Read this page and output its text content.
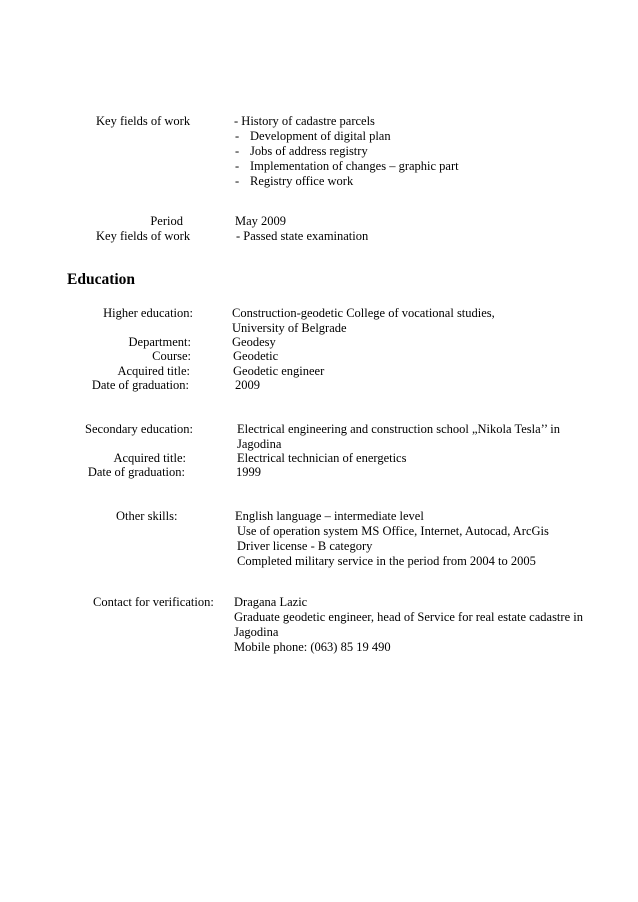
Key fields of work	- History of cadastre parcels
- Development of digital plan
- Jobs of address registry
- Implementation of changes – graphic part
- Registry office work
Period	May 2009
Key fields of work	- Passed state examination
Education
Higher education:	Construction-geodetic College of vocational studies,
University of Belgrade
Department:	Geodesy
Course:	Geodetic
Acquired title:	Geodetic engineer
Date of graduation:	2009
Secondary education:	Electrical engineering and construction school „Nikola Tesla’’ in
Jagodina
Acquired title:	Electrical technician of energetics
Date of graduation:	1999
Other skills:	English language – intermediate level
Use of operation system MS Office, Internet, Autocad, ArcGis
Driver license - B category
Completed military service in the period from 2004 to 2005
Contact for verification: Dragana Lazic
Graduate geodetic engineer, head of Service for real estate cadastre in
Jagodina
Mobile phone: (063) 85 19 490
